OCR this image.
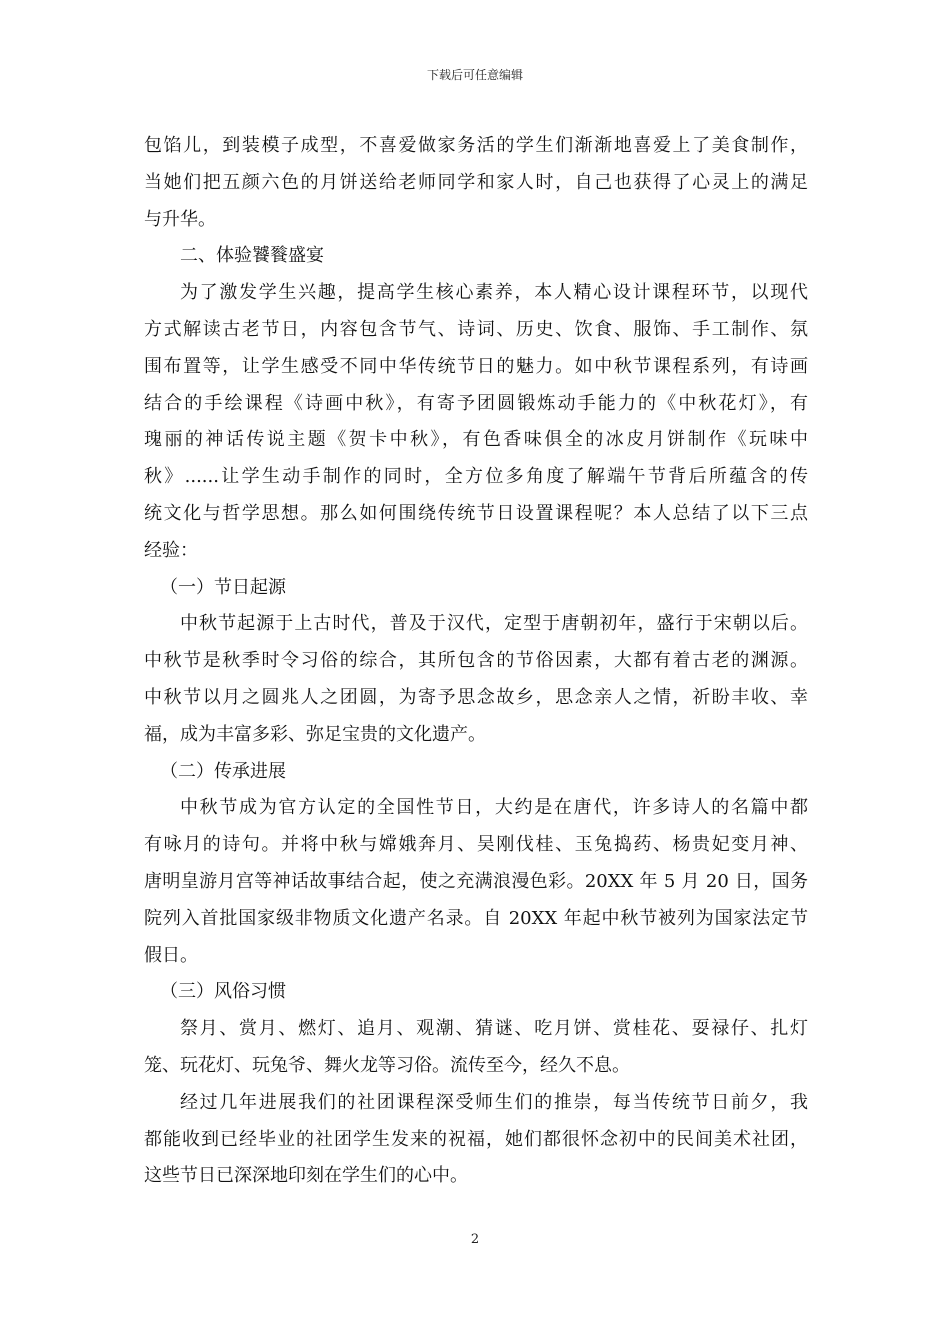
下载后可任意编辑
包馅儿，到装模子成型，不喜爱做家务活的学生们渐渐地喜爱上了美食制作，
当她们把五颜六色的月饼送给老师同学和家人时，自己也获得了心灵上的满足
与升华。
二、体验饕餮盛宴
为了激发学生兴趣，提高学生核心素养，本人精心设计课程环节，以现代
方式解读古老节日，内容包含节气、诗词、历史、饮食、服饰、手工制作、氛
围布置等，让学生感受不同中华传统节日的魅力。如中秋节课程系列，有诗画
结合的手绘课程《诗画中秋》，有寄予团圆锻炼动手能力的《中秋花灯》，有
瑰丽的神话传说主题《贺卡中秋》，有色香味俱全的冰皮月饼制作《玩味中
秋》......让学生动手制作的同时，全方位多角度了解端午节背后所蕴含的传
统文化与哲学思想。那么如何围绕传统节日设置课程呢？本人总结了以下三点
经验：
（一）节日起源
中秋节起源于上古时代，普及于汉代，定型于唐朝初年，盛行于宋朝以后。
中秋节是秋季时令习俗的综合，其所包含的节俗因素，大都有着古老的渊源。
中秋节以月之圆兆人之团圆，为寄予思念故乡，思念亲人之情，祈盼丰收、幸
福，成为丰富多彩、弥足宝贵的文化遗产。
（二）传承进展
中秋节成为官方认定的全国性节日，大约是在唐代，许多诗人的名篇中都
有咏月的诗句。并将中秋与嫦娥奔月、吴刚伐桂、玉兔捣药、杨贵妃变月神、
唐明皇游月宫等神话故事结合起，使之充满浪漫色彩。20XX 年 5 月 20 日，国务
院列入首批国家级非物质文化遗产名录。自 20XX 年起中秋节被列为国家法定节
假日。
（三）风俗习惯
祭月、赏月、燃灯、追月、观潮、猜谜、吃月饼、赏桂花、耍禄仔、扎灯
笼、玩花灯、玩兔爷、舞火龙等习俗。流传至今，经久不息。
经过几年进展我们的社团课程深受师生们的推崇，每当传统节日前夕，我
都能收到已经毕业的社团学生发来的祝福，她们都很怀念初中的民间美术社团，
这些节日已深深地印刻在学生们的心中。
2
